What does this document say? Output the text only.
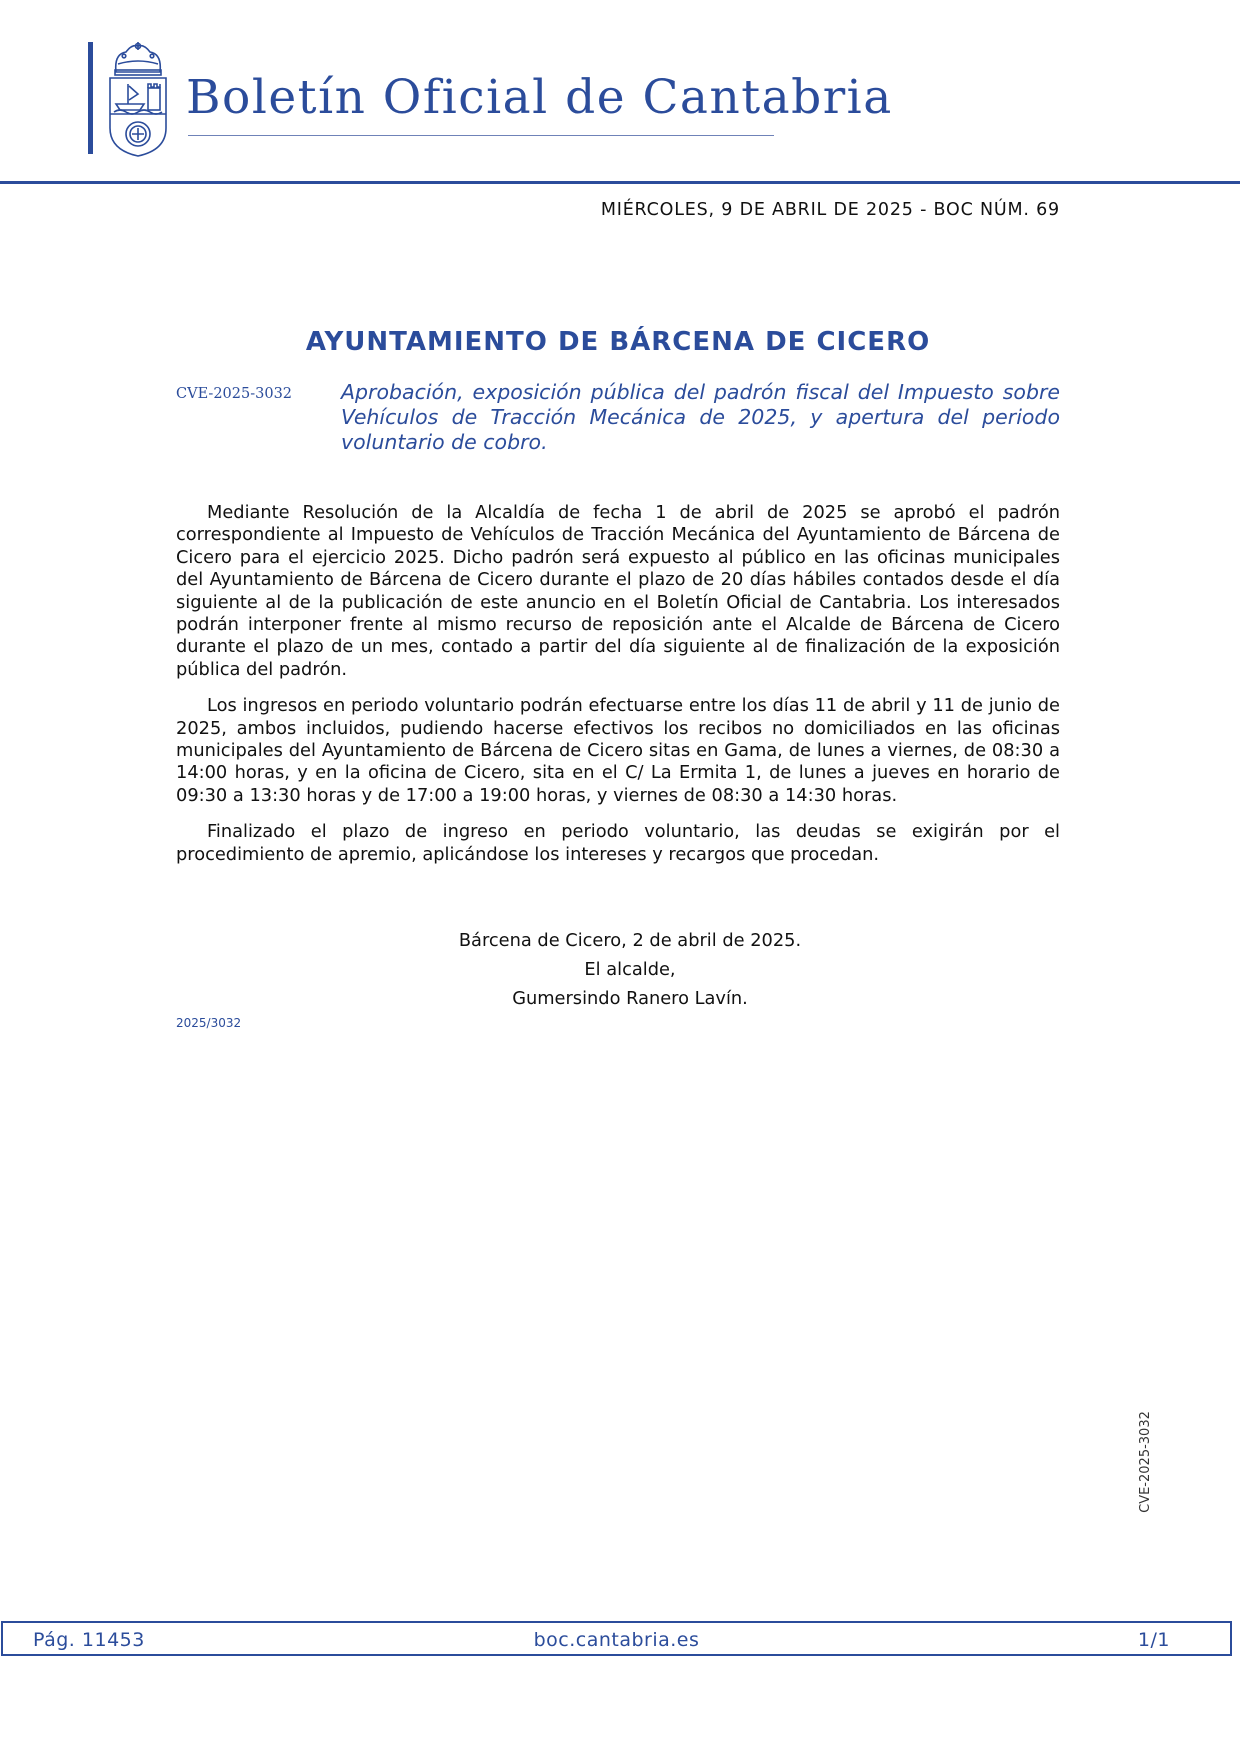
Boletín Oficial de Cantabria
MIÉRCOLES, 9 DE ABRIL DE 2025 - BOC NÚM. 69
AYUNTAMIENTO DE BÁRCENA DE CICERO
CVE-2025-3032 Aprobación, exposición pública del padrón fiscal del Impuesto sobre Vehículos de Tracción Mecánica de 2025, y apertura del periodo voluntario de cobro.

Mediante Resolución de la Alcaldía de fecha 1 de abril de 2025 se aprobó el padrón correspondiente al Impuesto de Vehículos de Tracción Mecánica del Ayuntamiento de Bárcena de Cicero para el ejercicio 2025. Dicho padrón será expuesto al público en las oficinas municipales del Ayuntamiento de Bárcena de Cicero durante el plazo de 20 días hábiles contados desde el día siguiente al de la publicación de este anuncio en el Boletín Oficial de Cantabria. Los interesados podrán interponer frente al mismo recurso de reposición ante el Alcalde de Bárcena de Cicero durante el plazo de un mes, contado a partir del día siguiente al de finalización de la exposición pública del padrón.

Los ingresos en periodo voluntario podrán efectuarse entre los días 11 de abril y 11 de junio de 2025, ambos incluidos, pudiendo hacerse efectivos los recibos no domiciliados en las oficinas municipales del Ayuntamiento de Bárcena de Cicero sitas en Gama, de lunes a viernes, de 08:30 a 14:00 horas, y en la oficina de Cicero, sita en el C/ La Ermita 1, de lunes a jueves en horario de 09:30 a 13:30 horas y de 17:00 a 19:00 horas, y viernes de 08:30 a 14:30 horas.

Finalizado el plazo de ingreso en periodo voluntario, las deudas se exigirán por el procedimiento de apremio, aplicándose los intereses y recargos que procedan.

Bárcena de Cicero, 2 de abril de 2025.
El alcalde,
Gumersindo Ranero Lavín.
2025/3032
CVE-2025-3032
Pág. 11453	boc.cantabria.es	1/1
